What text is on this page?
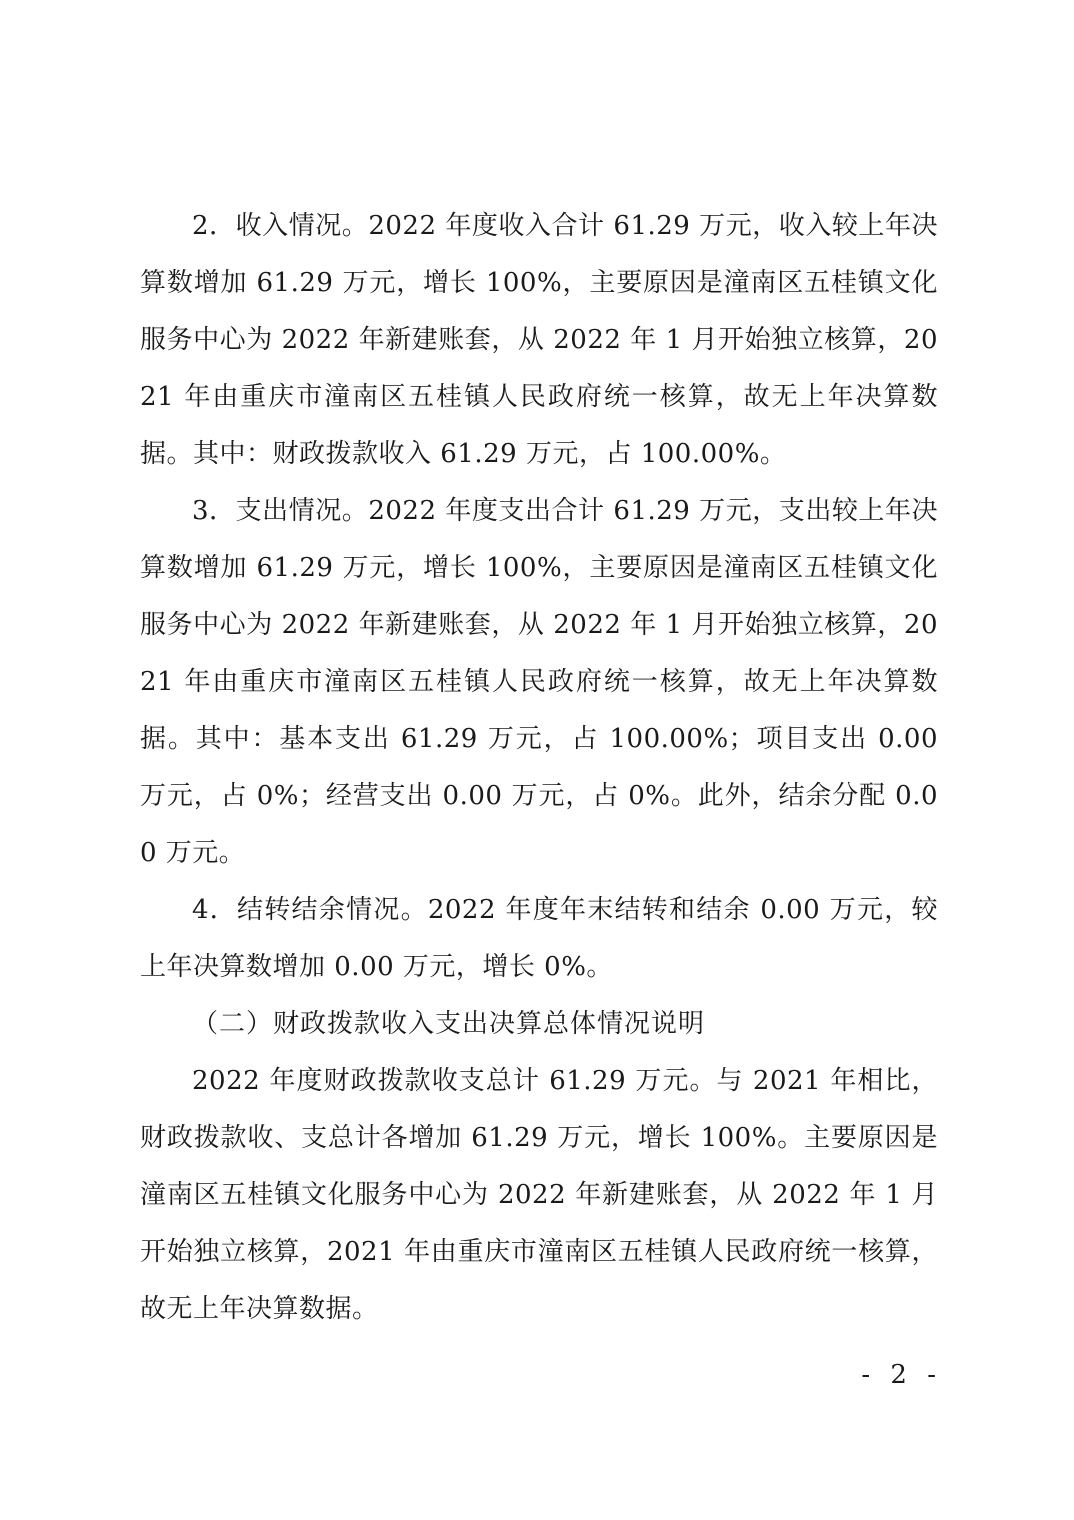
2．收入情况。2022 年度收入合计 61.29 万元，收入较上年决算数增加 61.29 万元，增长 100%，主要原因是潼南区五桂镇文化服务中心为 2022 年新建账套，从 2022 年 1 月开始独立核算，2021 年由重庆市潼南区五桂镇人民政府统一核算，故无上年决算数据。其中：财政拨款收入 61.29 万元，占 100.00%。

3．支出情况。2022 年度支出合计 61.29 万元，支出较上年决算数增加 61.29 万元，增长 100%，主要原因是潼南区五桂镇文化服务中心为 2022 年新建账套，从 2022 年 1 月开始独立核算，2021 年由重庆市潼南区五桂镇人民政府统一核算，故无上年决算数据。其中：基本支出 61.29 万元，占 100.00%；项目支出 0.00 万元，占 0%；经营支出 0.00 万元，占 0%。此外，结余分配 0.00 万元。

4．结转结余情况。2022 年度年末结转和结余 0.00 万元，较上年决算数增加 0.00 万元，增长 0%。

（二）财政拨款收入支出决算总体情况说明

2022 年度财政拨款收支总计 61.29 万元。与 2021 年相比，财政拨款收、支总计各增加 61.29 万元，增长 100%。主要原因是潼南区五桂镇文化服务中心为 2022 年新建账套，从 2022 年 1 月开始独立核算，2021 年由重庆市潼南区五桂镇人民政府统一核算，故无上年决算数据。

- 2 -
